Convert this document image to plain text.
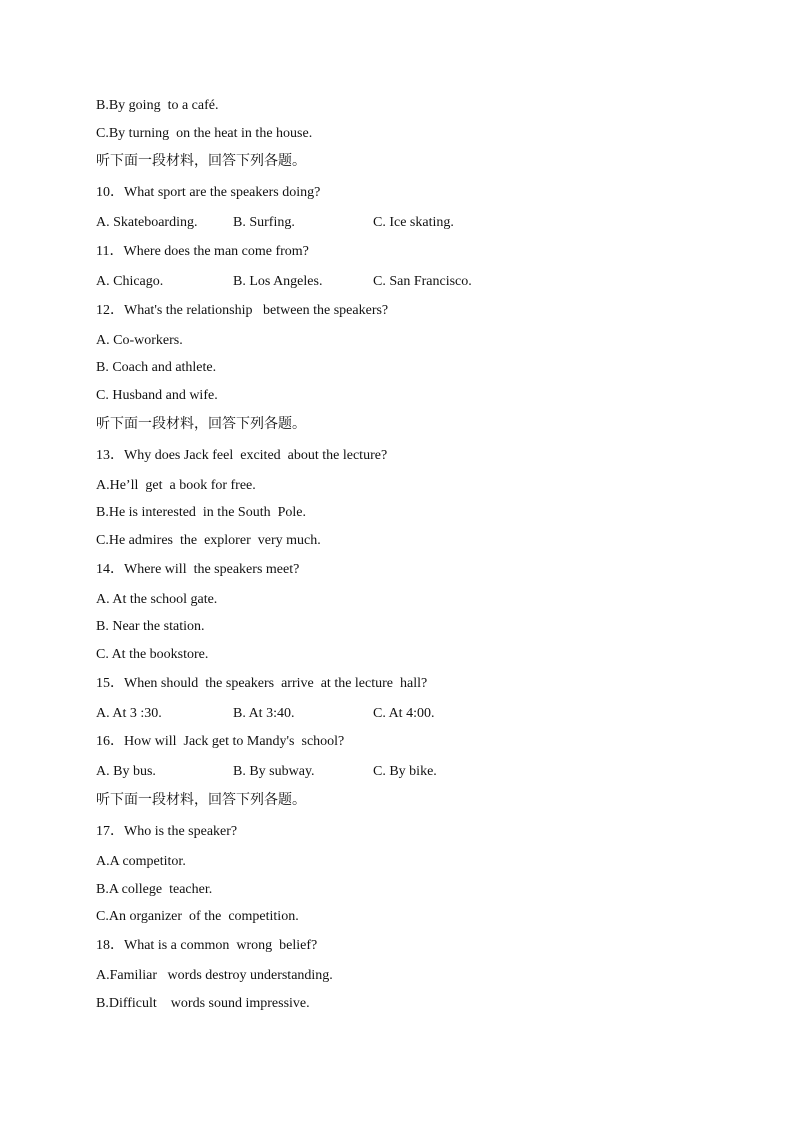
B.By going  to a café.
C.By turning  on the heat in the house.
听下面一段材料，回答下列各题。
10．What sport are the speakers doing?
A. Skateboarding.	B. Surfing.	C. Ice skating.
11．Where does the man come from?
A. Chicago.	B. Los Angeles.	C. San Francisco.
12．What's the relationship   between the speakers?
A. Co-workers.
B. Coach and athlete.
C. Husband and wife.
听下面一段材料，回答下列各题。
13．Why does Jack feel  excited  about the lecture?
A.He’ll  get  a book for free.
B.He is interested  in the South  Pole.
C.He admires  the  explorer  very much.
14．Where will  the speakers meet?
A. At the school gate.
B. Near the station.
C. At the bookstore.
15．When should  the speakers  arrive  at the lecture  hall?
A. At 3 :30.	B. At 3:40.	C. At 4:00.
16．How will  Jack get to Mandy's  school?
A. By bus.	B. By subway.	C. By bike.
听下面一段材料，回答下列各题。
17．Who is the speaker?
A.A competitor.
B.A college  teacher.
C.An organizer  of the  competition.
18．What is a common  wrong  belief?
A.Familiar   words destroy understanding.
B.Difficult    words sound impressive.
